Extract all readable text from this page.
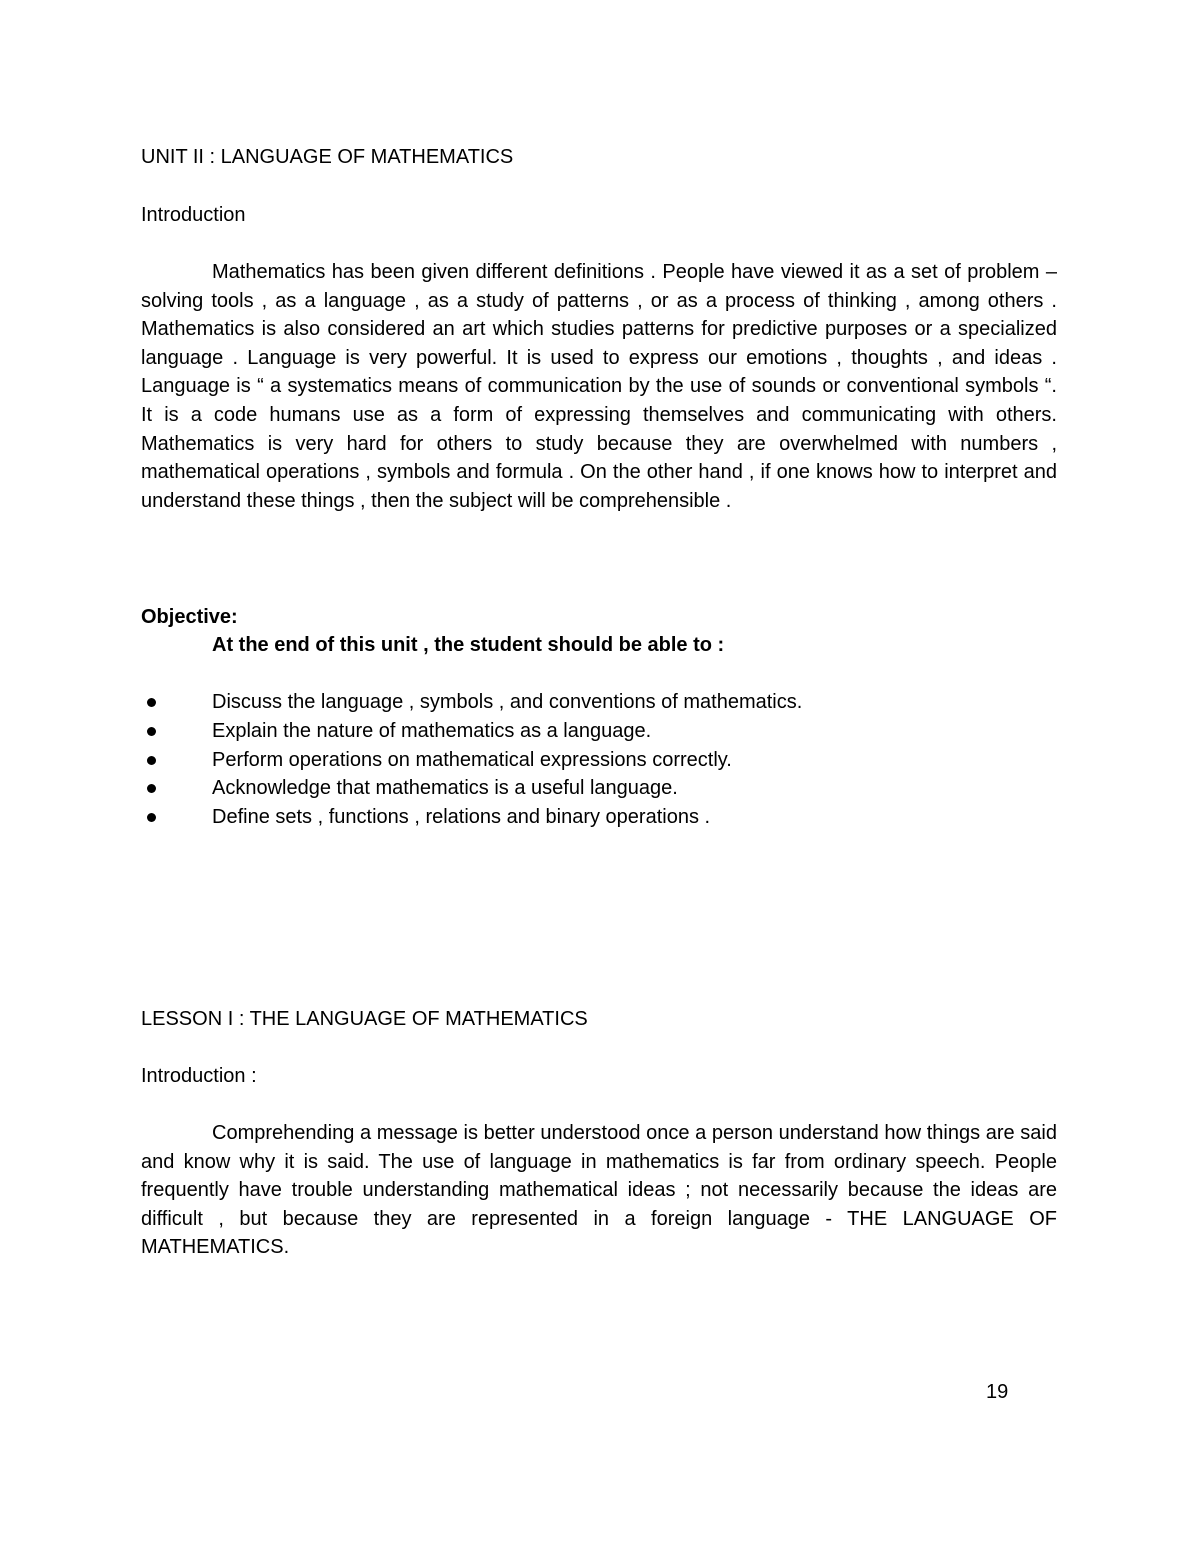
UNIT II : LANGUAGE OF MATHEMATICS
Introduction

Mathematics has been given different definitions . People have viewed it as a set of problem – solving tools , as a language , as a study of patterns , or as a process of thinking , among others . Mathematics is also considered an art which studies patterns for predictive purposes or a specialized language . Language is very powerful. It is used to express our emotions , thoughts , and ideas . Language is “ a systematics means of communication by the use of sounds or conventional symbols “. It is a code humans use as a form of expressing themselves and communicating with others. Mathematics is very hard for others to study because they are overwhelmed with numbers , mathematical operations , symbols and formula . On the other hand , if one knows how to interpret and understand these things , then the subject will be comprehensible .

Objective:
At the end of this unit , the student should be able to :
Discuss the language , symbols , and conventions of mathematics.
Explain the nature of mathematics as a language.
Perform operations on mathematical expressions correctly.
Acknowledge that mathematics is a useful language.
Define sets , functions , relations and binary operations .
LESSON I : THE LANGUAGE OF MATHEMATICS
Introduction :

Comprehending a message is better understood once a person understand how things are said and know why it is said. The use of language in mathematics is far from ordinary speech. People frequently have trouble understanding mathematical ideas ; not necessarily because the ideas are difficult , but because they are represented in a foreign language - THE LANGUAGE OF MATHEMATICS.

19
